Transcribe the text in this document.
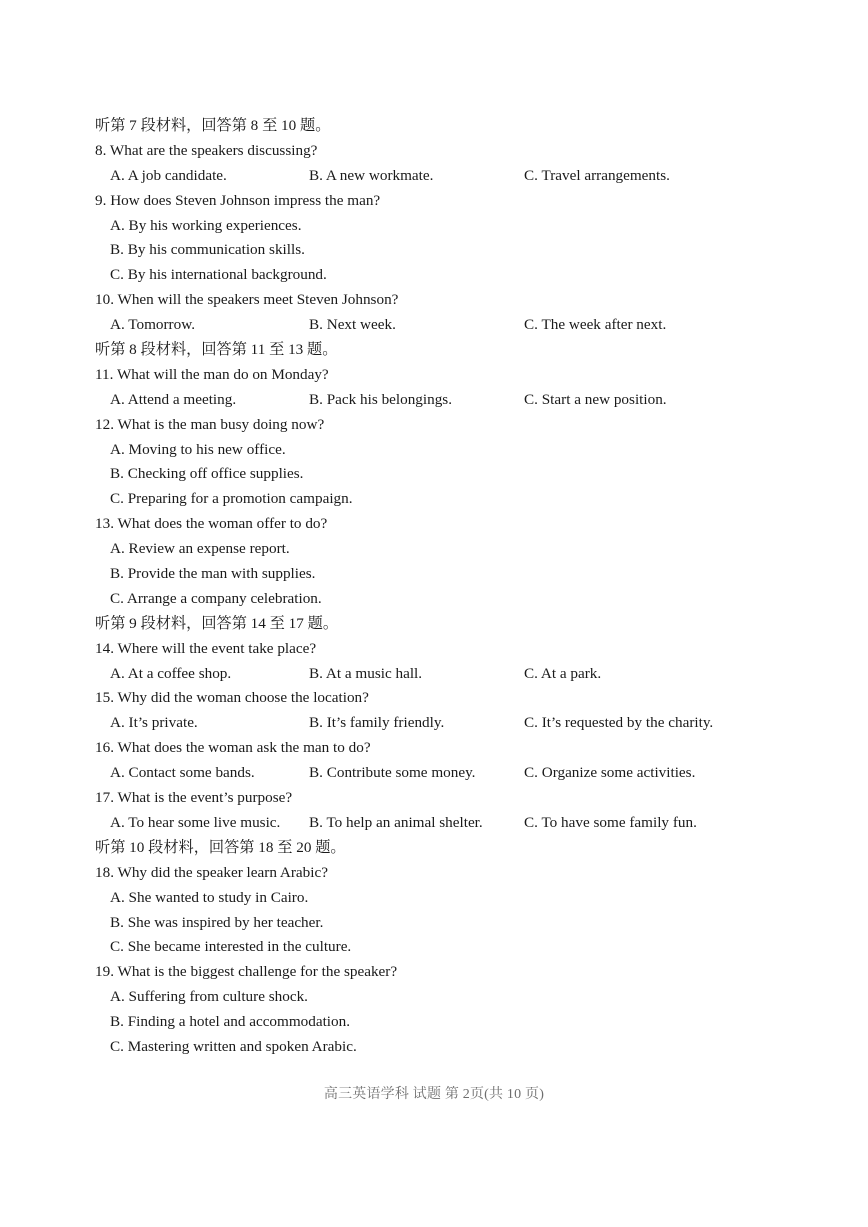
听第 7 段材料，回答第 8 至 10 题。
8. What are the speakers discussing?
A. A job candidate.	B. A new workmate.	C. Travel arrangements.
9. How does Steven Johnson impress the man?
A. By his working experiences.
B. By his communication skills.
C. By his international background.
10. When will the speakers meet Steven Johnson?
A. Tomorrow.	B. Next week.	C. The week after next.
听第 8 段材料，回答第 11 至 13 题。
11. What will the man do on Monday?
A. Attend a meeting.	B. Pack his belongings.	C. Start a new position.
12. What is the man busy doing now?
A. Moving to his new office.
B. Checking off office supplies.
C. Preparing for a promotion campaign.
13. What does the woman offer to do?
A. Review an expense report.
B. Provide the man with supplies.
C. Arrange a company celebration.
听第 9 段材料，回答第 14 至 17 题。
14. Where will the event take place?
A. At a coffee shop.	B. At a music hall.	C. At a park.
15. Why did the woman choose the location?
A. It’s private.	B. It’s family friendly.	C. It’s requested by the charity.
16. What does the woman ask the man to do?
A. Contact some bands.	B. Contribute some money.	C. Organize some activities.
17. What is the event’s purpose?
A. To hear some live music. B. To help an animal shelter.	C. To have some family fun.
听第 10 段材料，回答第 18 至 20 题。
18. Why did the speaker learn Arabic?
A. She wanted to study in Cairo.
B. She was inspired by her teacher.
C. She became interested in the culture.
19. What is the biggest challenge for the speaker?
A. Suffering from culture shock.
B. Finding a hotel and accommodation.
C. Mastering written and spoken Arabic.
高三英语学科 试题 第 2页(共 10 页)
